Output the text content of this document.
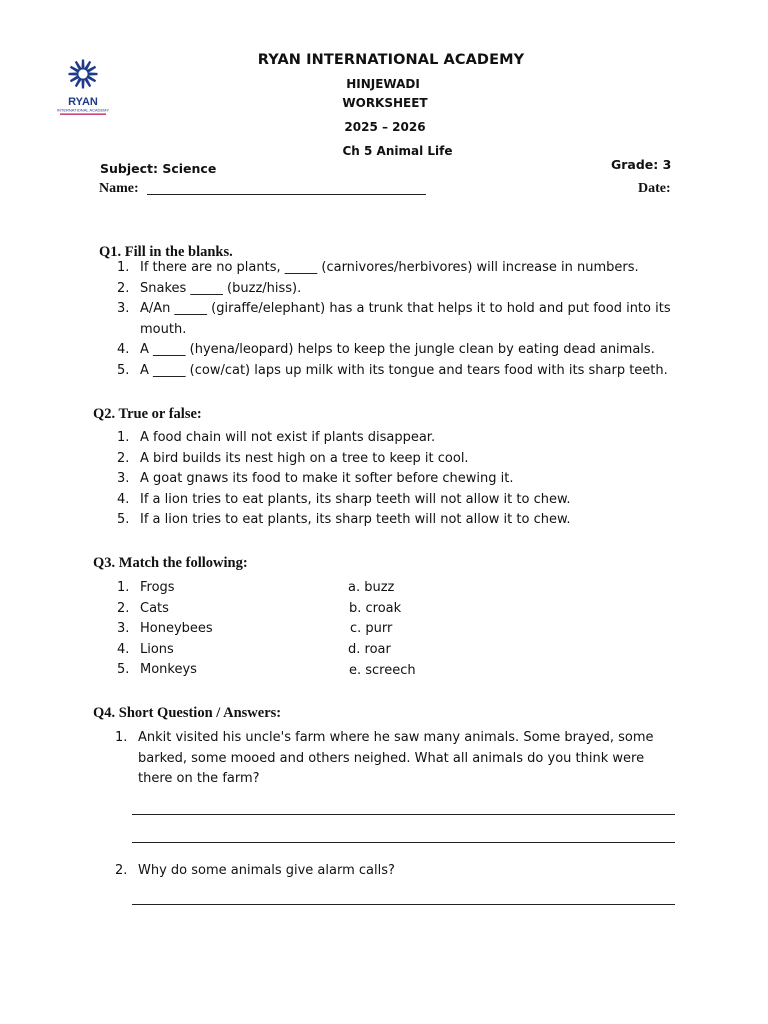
RYAN
INTERNATIONAL ACADEMY
RYAN INTERNATIONAL ACADEMY
HINJEWADI
WORKSHEET
2025 – 2026
Ch 5 Animal Life
Subject: Science	Grade: 3
Name:	Date:
Q1. Fill in the blanks.
1. If there are no plants, _____ (carnivores/herbivores) will increase in numbers.
2. Snakes _____ (buzz/hiss).
3. A/An _____ (giraffe/elephant) has a trunk that helps it to hold and put food into its mouth.
4. A _____ (hyena/leopard) helps to keep the jungle clean by eating dead animals.
5. A _____ (cow/cat) laps up milk with its tongue and tears food with its sharp teeth.
Q2. True or false:
1. A food chain will not exist if plants disappear.
2. A bird builds its nest high on a tree to keep it cool.
3. A goat gnaws its food to make it softer before chewing it.
4. If a lion tries to eat plants, its sharp teeth will not allow it to chew.
5. If a lion tries to eat plants, its sharp teeth will not allow it to chew.
Q3. Match the following:
1. Frogs
2. Cats
3. Honeybees
4. Lions
5. Monkeys
a. buzz
b. croak
c. purr
d. roar
e. screech
Q4. Short Question / Answers:
1. Ankit visited his uncle's farm where he saw many animals. Some brayed, some barked, some mooed and others neighed. What all animals do you think were there on the farm?
2. Why do some animals give alarm calls?
